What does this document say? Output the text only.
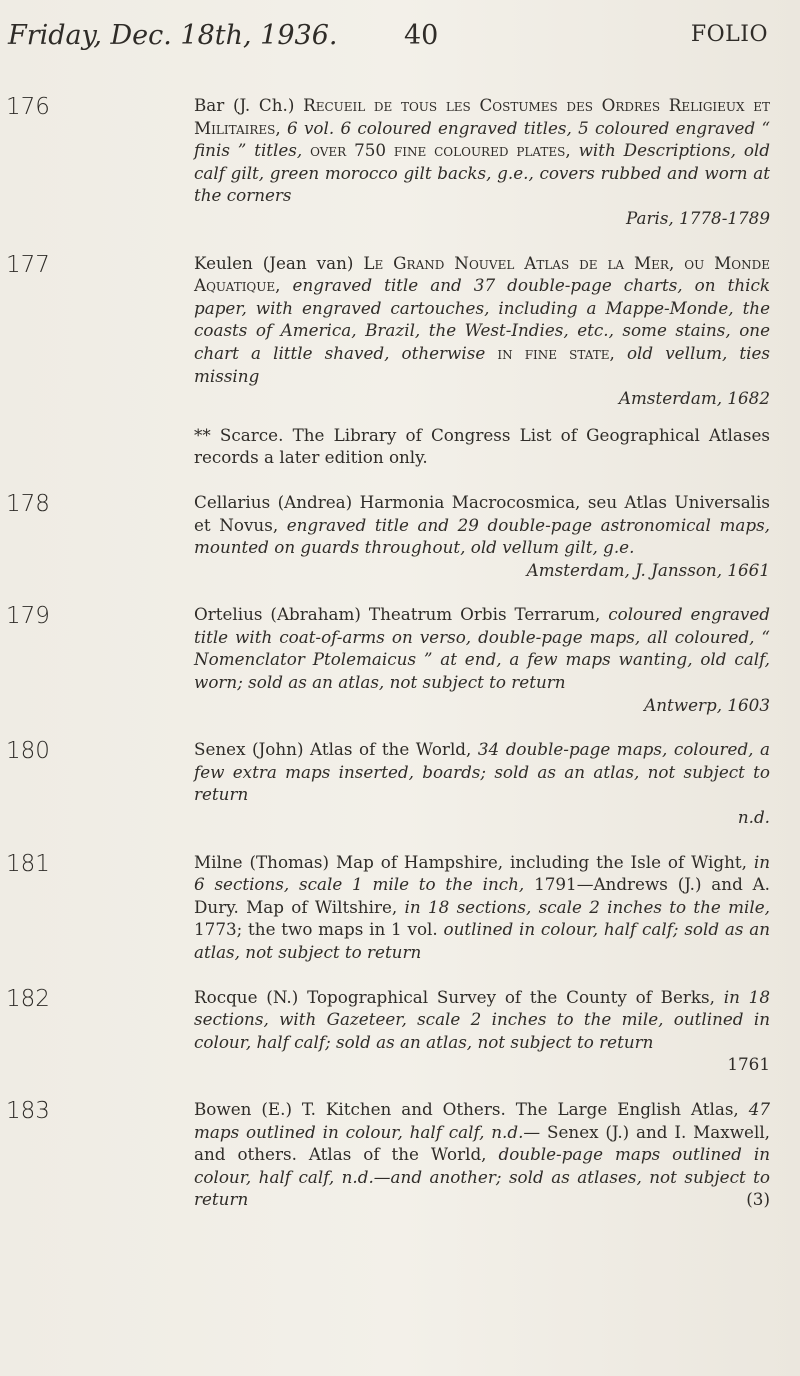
Friday, Dec. 18th, 1936. 40	FOLIO
176	Bar (J. Ch.) Recueil de tous les Costumes des Ordres Religieux et Militaires, 6 vol. 6 coloured engraved titles, 5 coloured engraved “ finis ” titles, over 750 fine coloured plates, with Descriptions, old calf gilt, green morocco gilt backs, g.e., covers rubbed and worn at the corners
Paris, 1778-1789
177	Keulen (Jean van) Le Grand Nouvel Atlas de la Mer, ou Monde Aquatique, engraved title and 37 double-page charts, on thick paper, with engraved cartouches, including a Mappe-Monde, the coasts of America, Brazil, the West-Indies, etc., some stains, one chart a little shaved, otherwise in fine state, old vellum, ties missing
Amsterdam, 1682
** Scarce. The Library of Congress List of Geographical Atlases records a later edition only.
178	Cellarius (Andrea) Harmonia Macrocosmica, seu Atlas Universalis et Novus, engraved title and 29 double-page astronomical maps, mounted on guards throughout, old vellum gilt, g.e.
Amsterdam, J. Jansson, 1661
179	Ortelius (Abraham) Theatrum Orbis Terrarum, coloured engraved title with coat-of-arms on verso, double-page maps, all coloured, “ Nomenclator Ptolemaicus ” at end, a few maps wanting, old calf, worn; sold as an atlas, not subject to return
Antwerp, 1603
180	Senex (John) Atlas of the World, 34 double-page maps, coloured, a few extra maps inserted, boards; sold as an atlas, not subject to return
n.d.
181	Milne (Thomas) Map of Hampshire, including the Isle of Wight, in 6 sections, scale 1 mile to the inch, 1791—Andrews (J.) and A. Dury. Map of Wiltshire, in 18 sections, scale 2 inches to the mile, 1773; the two maps in 1 vol. outlined in colour, half calf; sold as an atlas, not subject to return
182	Rocque (N.) Topographical Survey of the County of Berks, in 18 sections, with Gazeteer, scale 2 inches to the mile, outlined in colour, half calf; sold as an atlas, not subject to return
1761
183	Bowen (E.) T. Kitchen and Others. The Large English Atlas, 47 maps outlined in colour, half calf, n.d.— Senex (J.) and I. Maxwell, and others. Atlas of the World, double-page maps outlined in colour, half calf, n.d.—and another; sold as atlases, not subject to return	(3)
